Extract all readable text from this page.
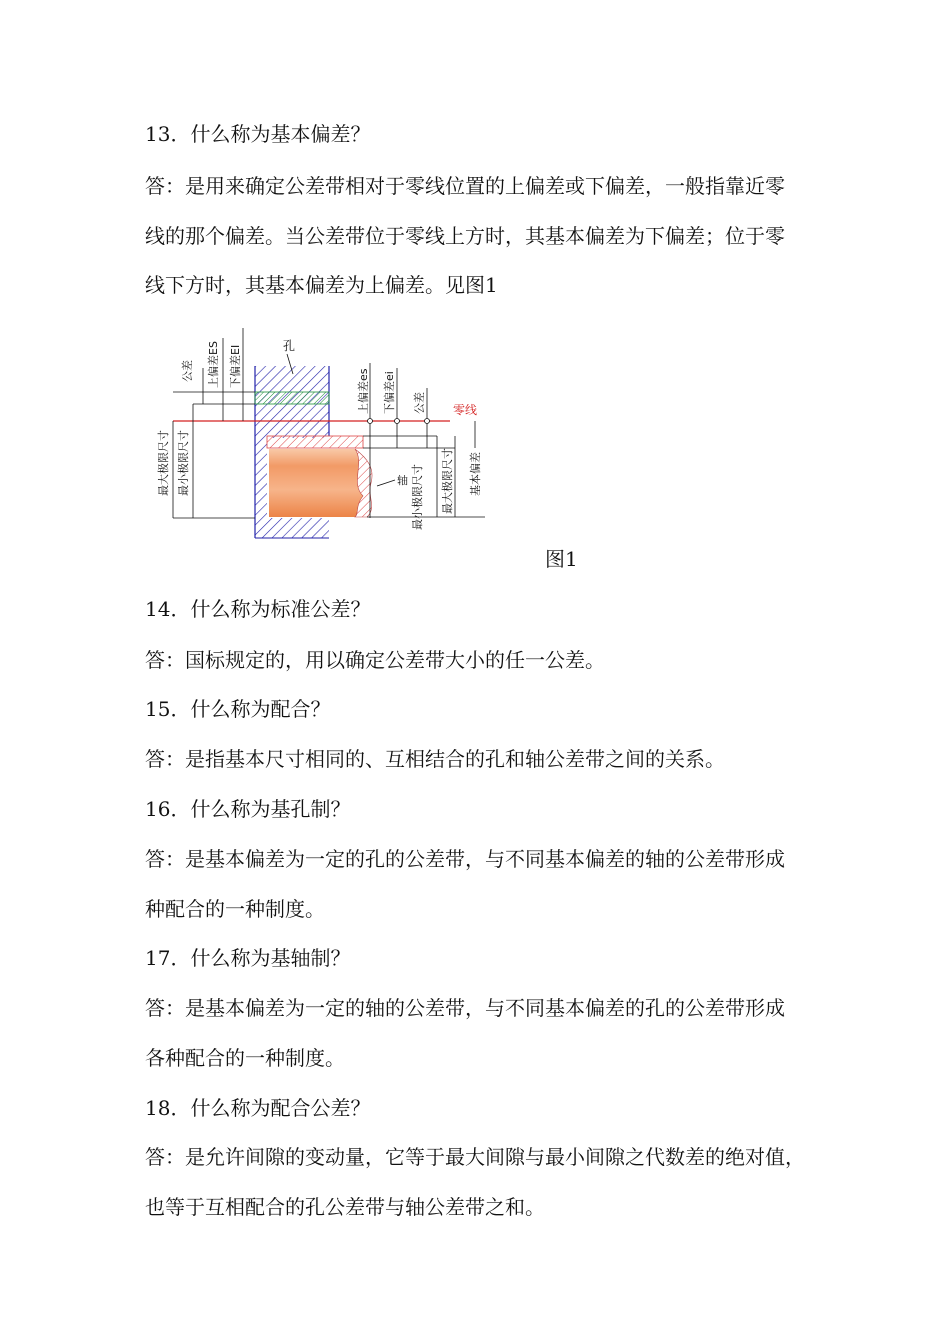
13．什么称为基本偏差？
答：是用来确定公差带相对于零线位置的上偏差或下偏差，一般指靠近零
线的那个偏差。当公差带位于零线上方时，其基本偏差为下偏差；位于零
线下方时，其基本偏差为上偏差。见图1
零线
孔
轴
公差 上偏差ES 下偏差EI
最大极限尺寸 最小极限尺寸
上偏差es 下偏差ei 公差
最小极限尺寸 最大极限尺寸 基本偏差
图1
14．什么称为标准公差？
答：国标规定的，用以确定公差带大小的任一公差。
15．什么称为配合？
答：是指基本尺寸相同的、互相结合的孔和轴公差带之间的关系。
16．什么称为基孔制？
答：是基本偏差为一定的孔的公差带，与不同基本偏差的轴的公差带形成
种配合的一种制度。
17．什么称为基轴制？
答：是基本偏差为一定的轴的公差带，与不同基本偏差的孔的公差带形成
各种配合的一种制度。
18．什么称为配合公差？
答：是允许间隙的变动量，它等于最大间隙与最小间隙之代数差的绝对值，
也等于互相配合的孔公差带与轴公差带之和。
